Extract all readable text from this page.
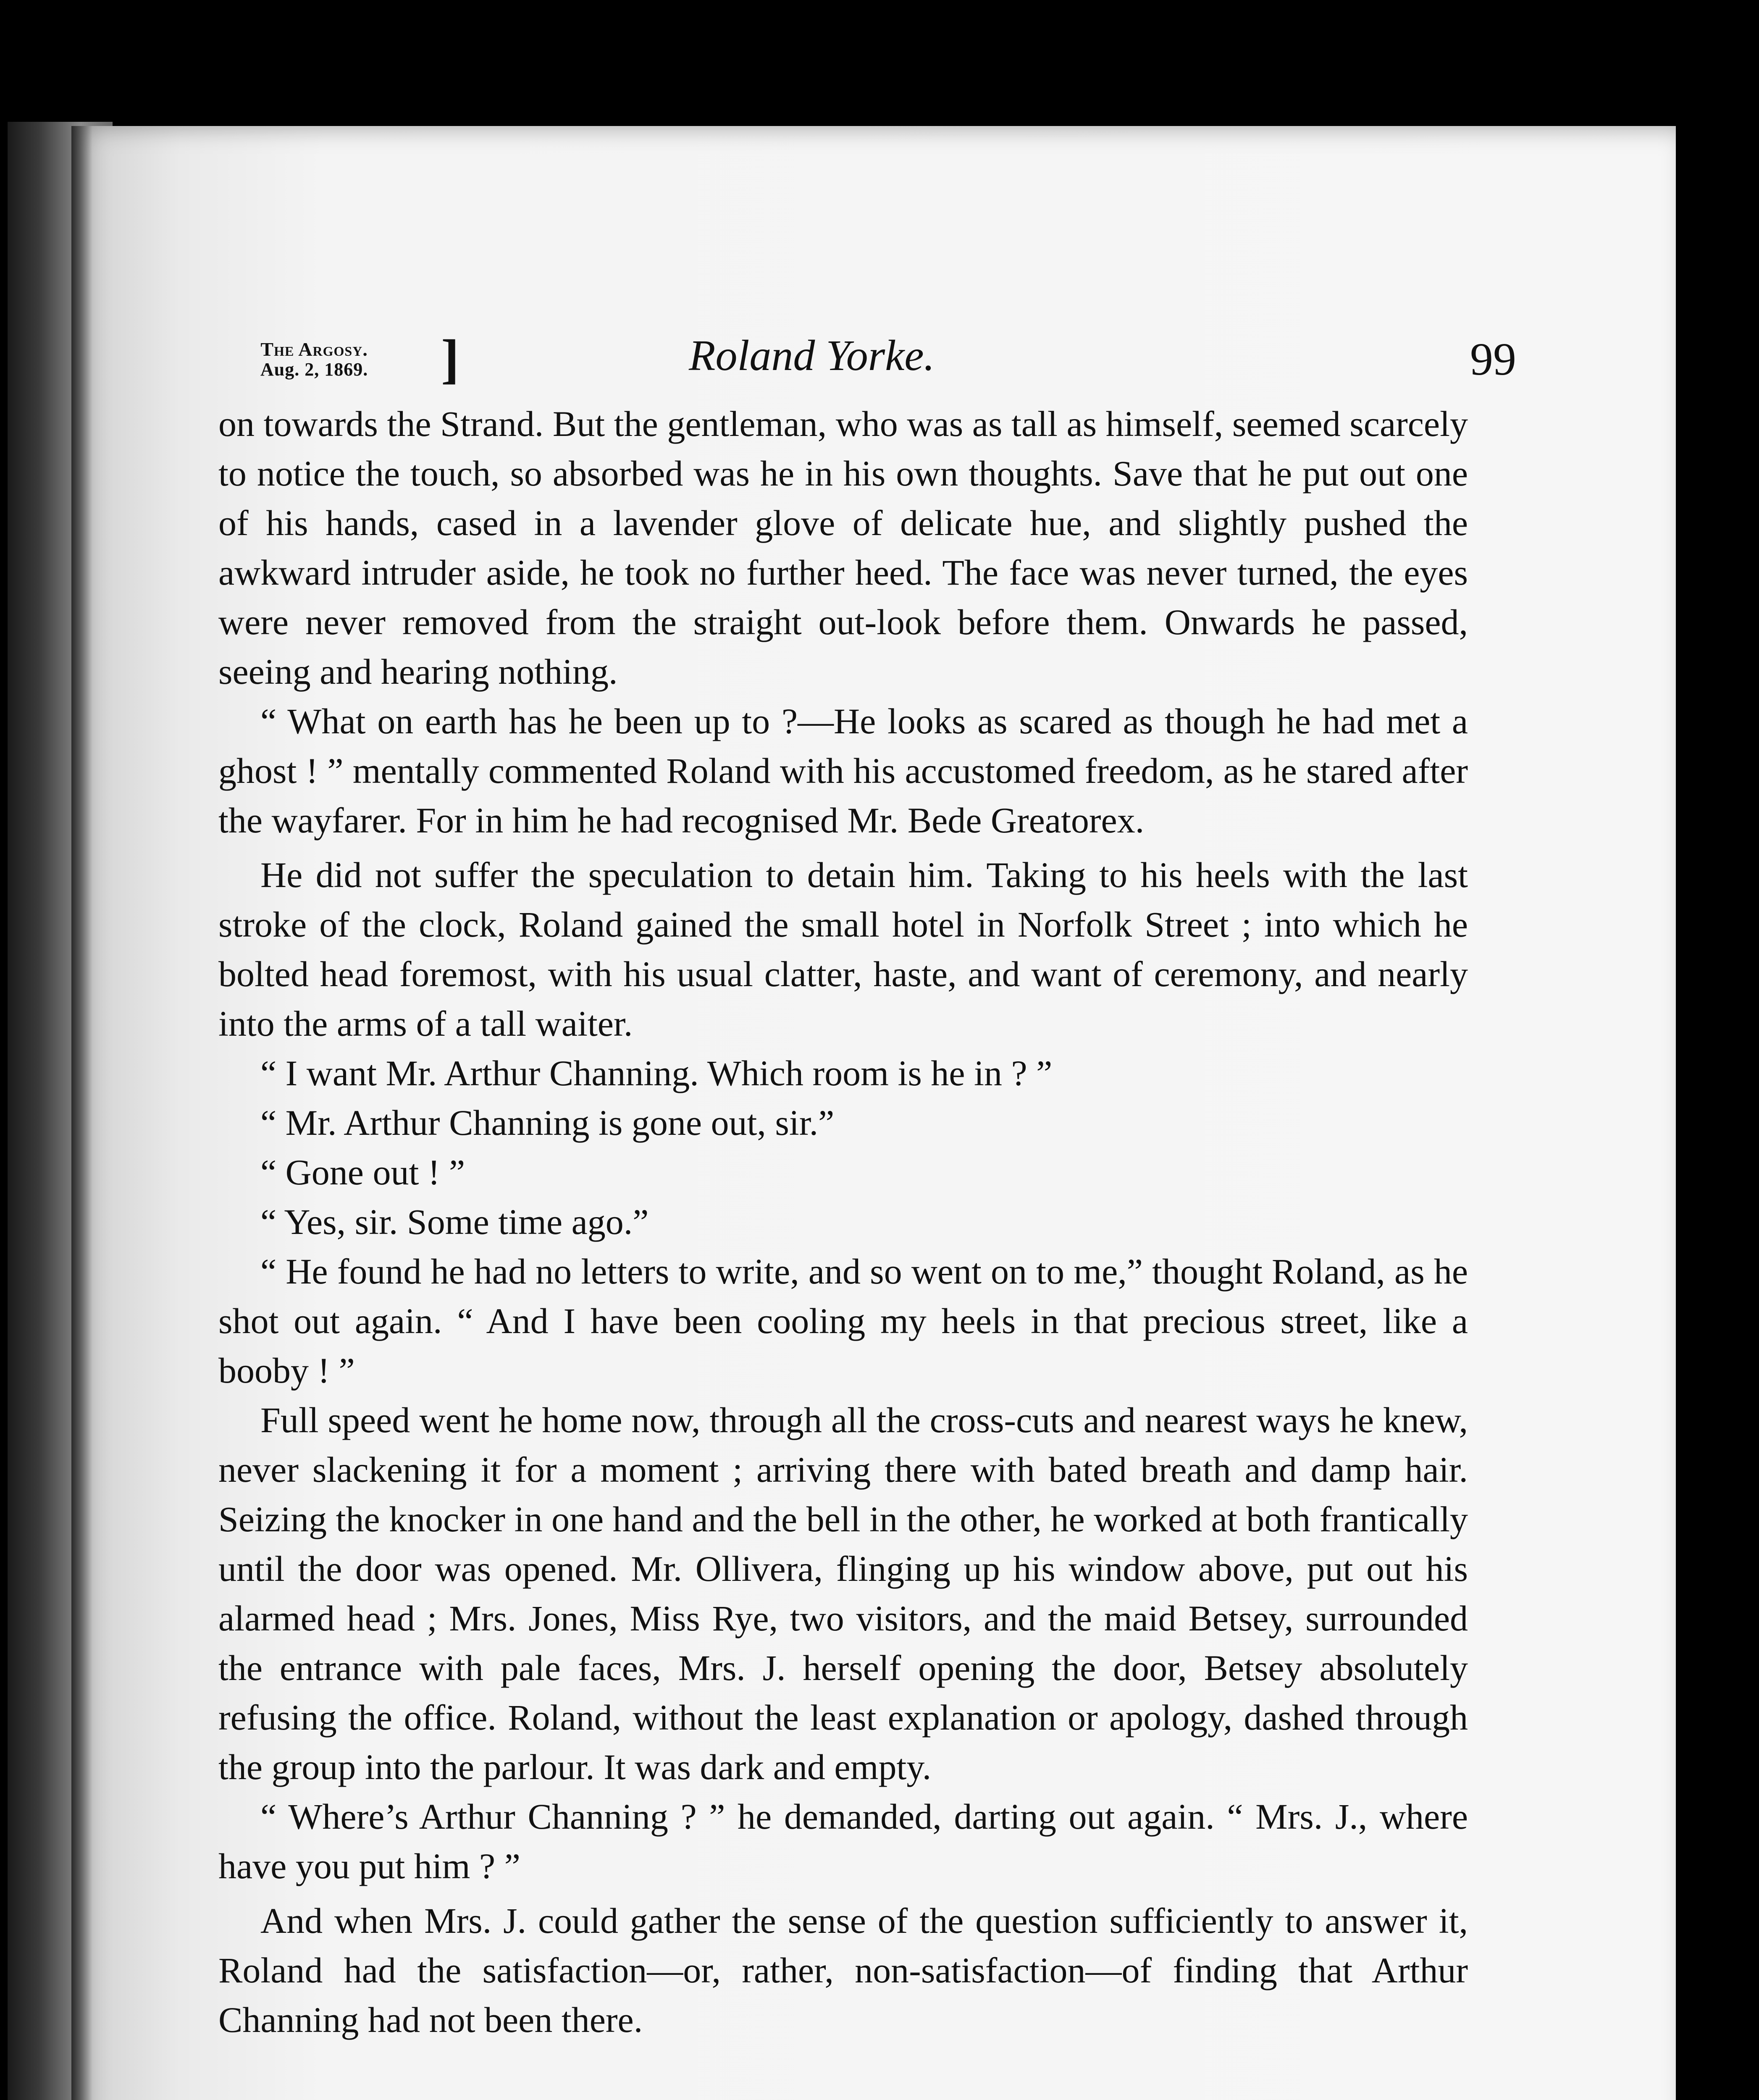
The Argosy.
Aug. 2, 1869. ]	Roland Yorke.	99

on towards the Strand. But the gentleman, who was as tall as himself, seemed scarcely to notice the touch, so absorbed was he in his own thoughts. Save that he put out one of his hands, cased in a lavender glove of delicate hue, and slightly pushed the awkward intruder aside, he took no further heed. The face was never turned, the eyes were never removed from the straight out-look before them. Onwards he passed, seeing and hearing nothing.

“ What on earth has he been up to ?—He looks as scared as though he had met a ghost ! ” mentally commented Roland with his accustomed freedom, as he stared after the wayfarer. For in him he had recognised Mr. Bede Greatorex.

He did not suffer the speculation to detain him. Taking to his heels with the last stroke of the clock, Roland gained the small hotel in Norfolk Street ; into which he bolted head foremost, with his usual clatter, haste, and want of ceremony, and nearly into the arms of a tall waiter.

“ I want Mr. Arthur Channing. Which room is he in ? ”

“ Mr. Arthur Channing is gone out, sir.”

“ Gone out ! ”

“ Yes, sir. Some time ago.”

“ He found he had no letters to write, and so went on to me,” thought Roland, as he shot out again. “ And I have been cooling my heels in that precious street, like a booby ! ”

Full speed went he home now, through all the cross-cuts and nearest ways he knew, never slackening it for a moment ; arriving there with bated breath and damp hair. Seizing the knocker in one hand and the bell in the other, he worked at both frantically until the door was opened. Mr. Ollivera, flinging up his window above, put out his alarmed head ; Mrs. Jones, Miss Rye, two visitors, and the maid Betsey, surrounded the entrance with pale faces, Mrs. J. herself opening the door, Betsey absolutely refusing the office. Roland, without the least explanation or apology, dashed through the group into the parlour. It was dark and empty.

“ Where’s Arthur Channing ? ” he demanded, darting out again. “ Mrs. J., where have you put him ? ”

And when Mrs. J. could gather the sense of the question sufficiently to answer it, Roland had the satisfaction—or, rather, non-satisfaction—of finding that Arthur Channing had not been there.
